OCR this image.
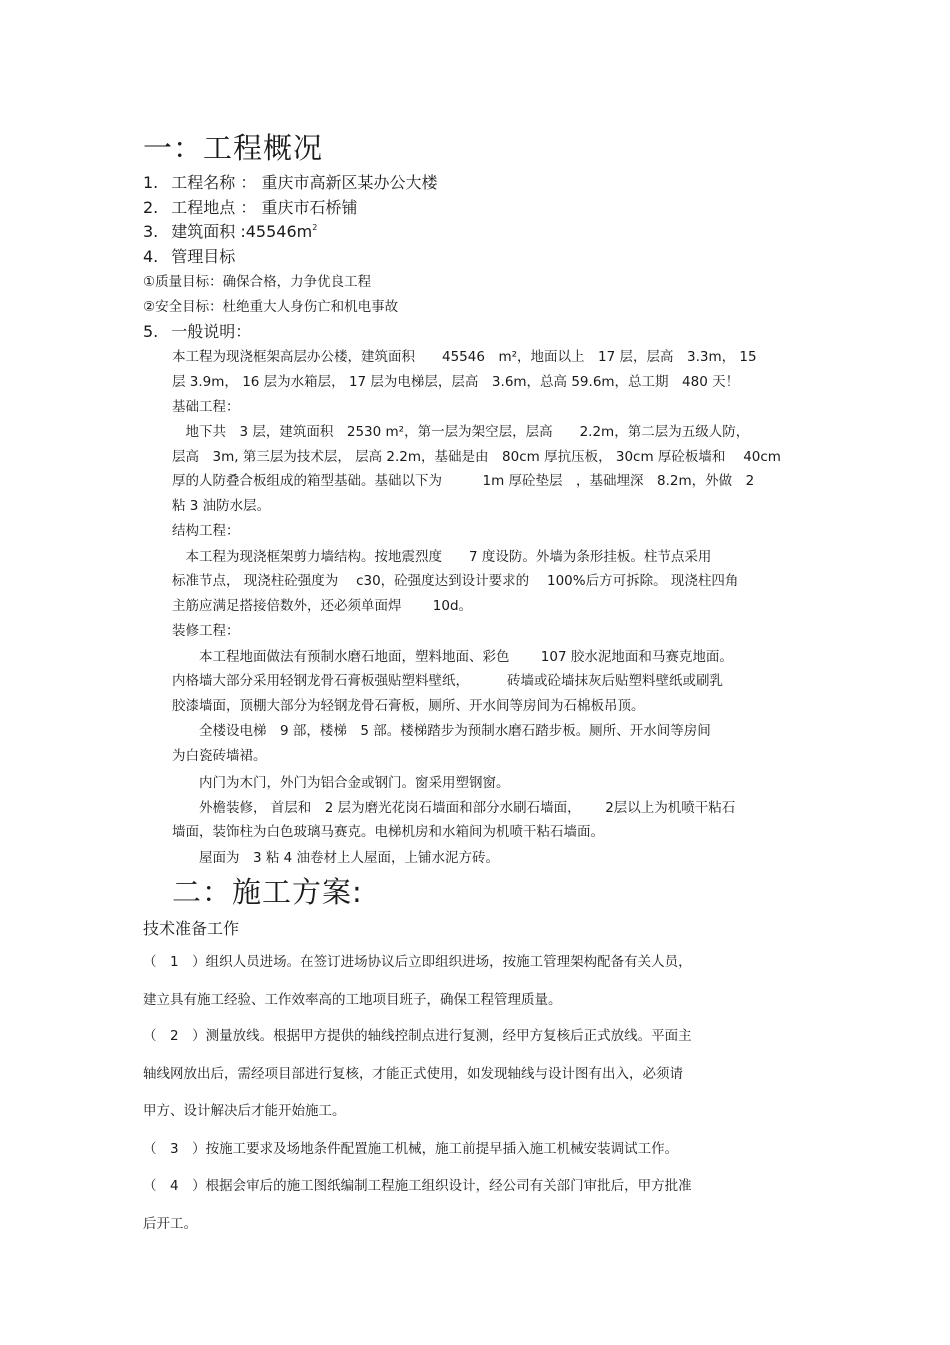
一：工程概况
1. 工程名称 ： 重庆市高新区某办公大楼
2. 工程地点 ： 重庆市石桥铺
3. 建筑面积 $:45546m^2$
4. 管理目标
①质量目标：确保合格，力争优良工程
②安全目标：杜绝重大人身伤亡和机电事故
5. 一般说明：
本工程为现浇框架高层办公楼，建筑面积　　45546　m²，地面以上　17 层，层高　3.3m， 15
层 3.9m， 16 层为水箱层， 17 层为电梯层，层高　3.6m，总高 59.6m，总工期　480 天！
基础工程：
　地下共　3 层，建筑面积　2530 m²，第一层为架空层，层高　　2.2m，第二层为五级人防，
层高　3m, 第三层为技术层， 层高 2.2m，基础是由　80cm 厚抗压板， 30cm 厚砼板墙和　 40cm
厚的人防叠合板组成的箱型基础。基础以下为　　　1m 厚砼垫层　，基础埋深　8.2m，外做　2
粘 3 油防水层。
结构工程：
　本工程为现浇框架剪力墙结构。按地震烈度　　7 度设防。外墙为条形挂板。柱节点采用
标准节点， 现浇柱砼强度为　 c30，砼强度达到设计要求的　 100%后方可拆除。 现浇柱四角
主筋应满足搭接倍数外，还必须单面焊　　 10d。
装修工程：
　　本工程地面做法有预制水磨石地面，塑料地面、彩色　　 107 胶水泥地面和马赛克地面。
内格墙大部分采用轻钢龙骨石膏板强贴塑料壁纸，　　　 砖墙或砼墙抹灰后贴塑料壁纸或刷乳
胶漆墙面，顶棚大部分为轻钢龙骨石膏板，厕所、开水间等房间为石棉板吊顶。
　　全楼设电梯　9 部，楼梯　5 部。楼梯踏步为预制水磨石踏步板。厕所、开水间等房间
为白瓷砖墙裙。
　　内门为木门，外门为铝合金或钢门。窗采用塑钢窗。
　　外檐装修， 首层和　2 层为磨光花岗石墙面和部分水刷石墙面，　　 2层以上为机喷干粘石
墙面，装饰柱为白色玻璃马赛克。电梯机房和水箱间为机喷干粘石墙面。
　　屋面为　3 粘 4 油卷材上人屋面，上铺水泥方砖。
二：施工方案:
技术准备工作
（　1　）组织人员进场。在签订进场协议后立即组织进场，按施工管理架构配备有关人员，
建立具有施工经验、工作效率高的工地项目班子，确保工程管理质量。
（　2　）测量放线。根据甲方提供的轴线控制点进行复测，经甲方复核后正式放线。平面主
轴线网放出后，需经项目部进行复核，才能正式使用，如发现轴线与设计图有出入，必须请
甲方、设计解决后才能开始施工。
（　3　）按施工要求及场地条件配置施工机械，施工前提早插入施工机械安装调试工作。
（　4　）根据会审后的施工图纸编制工程施工组织设计，经公司有关部门审批后，甲方批准
后开工。
